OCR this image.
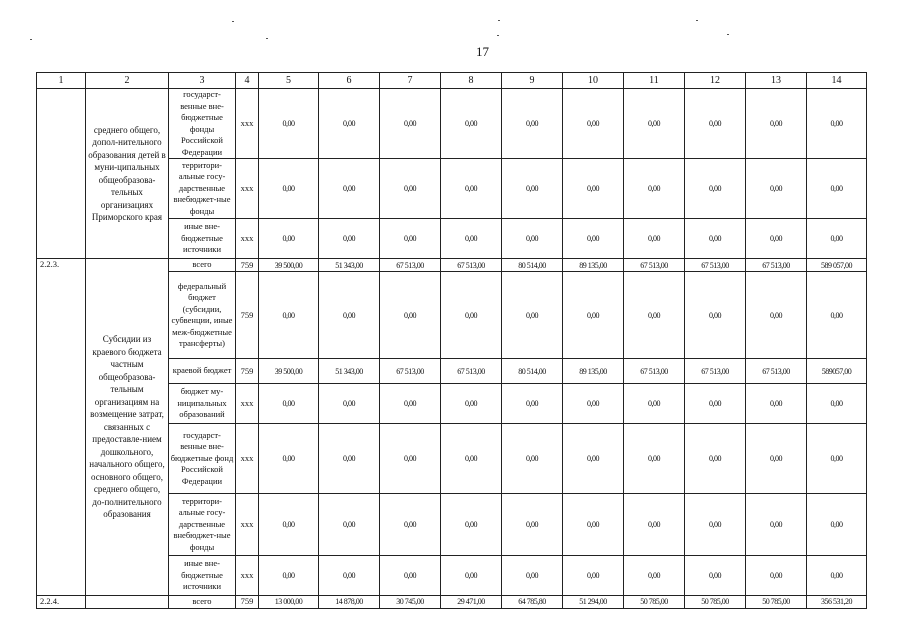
17
1	2	3	4	5	6	7	8	9	10	11	12	13	14
	среднего общего, допол-нительного образования детей в муни-ципальных общеобразова-тельных организациях Приморского края	государст-венные вне-бюджетные фонды Российской Федерации	ххх	0,00	0,00	0,00	0,00	0,00	0,00	0,00	0,00	0,00	0,00
		территори-альные госу-дарственные внебюджет-ные фонды	ххх	0,00	0,00	0,00	0,00	0,00	0,00	0,00	0,00	0,00	0,00
		иные вне-бюджетные источники	ххх	0,00	0,00	0,00	0,00	0,00	0,00	0,00	0,00	0,00	0,00
2.2.3.	Субсидии из краевого бюджета частным общеобразова-тельным организациям на возмещение затрат, связанных с предоставле-нием дошкольного, начального общего, основного общего, среднего общего, до-полнительного образования	всего	759	39 500,00	51 343,00	67 513,00	67 513,00	80 514,00	89 135,00	67 513,00	67 513,00	67 513,00	589 057,00
		федеральный бюджет (субсидии, субвенции, иные меж-бюджетные трансферты)	759	0,00	0,00	0,00	0,00	0,00	0,00	0,00	0,00	0,00	0,00
		краевой бюджет	759	39 500,00	51 343,00	67 513,00	67 513,00	80 514,00	89 135,00	67 513,00	67 513,00	67 513,00	589057,00
		бюджет му-ниципальных образований	ххх	0,00	0,00	0,00	0,00	0,00	0,00	0,00	0,00	0,00	0,00
		государст-венные вне-бюджетные фонд Российской Федерации	ххх	0,00	0,00	0,00	0,00	0,00	0,00	0,00	0,00	0,00	0,00
		территори-альные госу-дарственные внебюджет-ные фонды	ххх	0,00	0,00	0,00	0,00	0,00	0,00	0,00	0,00	0,00	0,00
		иные вне-бюджетные источники	ххх	0,00	0,00	0,00	0,00	0,00	0,00	0,00	0,00	0,00	0,00
2.2.4.		всего	759	13 000,00	14 878,00	30 745,00	29 471,00	64 785,80	51 294,00	50 785,00	50 785,00	50 785,00	356 531,20
